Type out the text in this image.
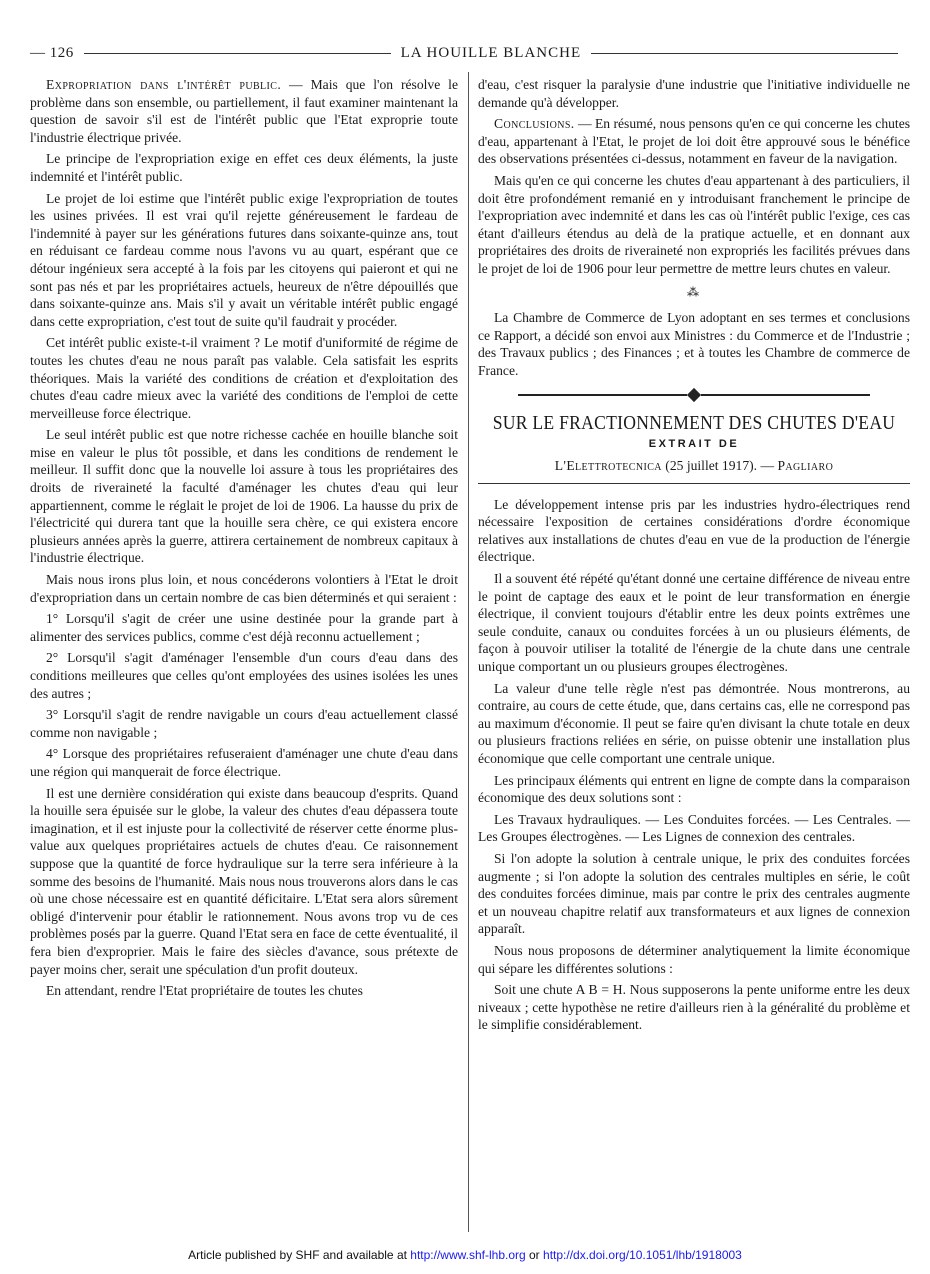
— 126	LA HOUILLE BLANCHE

Expropriation dans l'intérêt public. — Mais que l'on résolve le problème dans son ensemble, ou partiellement, il faut examiner maintenant la question de savoir s'il est de l'intérêt public que l'Etat exproprie toute l'industrie électrique privée.

Le principe de l'expropriation exige en effet ces deux éléments, la juste indemnité et l'intérêt public.

Le projet de loi estime que l'intérêt public exige l'expropriation de toutes les usines privées. Il est vrai qu'il rejette généreusement le fardeau de l'indemnité à payer sur les générations futures dans soixante-quinze ans, tout en réduisant ce fardeau comme nous l'avons vu au quart, espérant que ce détour ingénieux sera accepté à la fois par les citoyens qui paieront et qui ne sont pas nés et par les propriétaires actuels, heureux de n'être dépouillés que dans soixante-quinze ans. Mais s'il y avait un véritable intérêt public engagé dans cette expropriation, c'est tout de suite qu'il faudrait y procéder.

Cet intérêt public existe-t-il vraiment ? Le motif d'uniformité de régime de toutes les chutes d'eau ne nous paraît pas valable. Cela satisfait les esprits théoriques. Mais la variété des conditions de création et d'exploitation des chutes d'eau cadre mieux avec la variété des conditions de l'emploi de cette merveilleuse force électrique.

Le seul intérêt public est que notre richesse cachée en houille blanche soit mise en valeur le plus tôt possible, et dans les conditions de rendement le meilleur. Il suffit donc que la nouvelle loi assure à tous les propriétaires des droits de riveraineté la faculté d'aménager les chutes d'eau qui leur appartiennent, comme le réglait le projet de loi de 1906. La hausse du prix de l'électricité qui durera tant que la houille sera chère, ce qui existera encore plusieurs années après la guerre, attirera certainement de nombreux capitaux à l'industrie électrique.

Mais nous irons plus loin, et nous concéderons volontiers à l'Etat le droit d'expropriation dans un certain nombre de cas bien déterminés et qui seraient :

1° Lorsqu'il s'agit de créer une usine destinée pour la grande part à alimenter des services publics, comme c'est déjà reconnu actuellement ;

2° Lorsqu'il s'agit d'aménager l'ensemble d'un cours d'eau dans des conditions meilleures que celles qu'ont employées des usines isolées les unes des autres ;

3° Lorsqu'il s'agit de rendre navigable un cours d'eau actuellement classé comme non navigable ;

4° Lorsque des propriétaires refuseraient d'aménager une chute d'eau dans une région qui manquerait de force électrique.

Il est une dernière considération qui existe dans beaucoup d'esprits. Quand la houille sera épuisée sur le globe, la valeur des chutes d'eau dépassera toute imagination, et il est injuste pour la collectivité de réserver cette énorme plus-value aux quelques propriétaires actuels de chutes d'eau. Ce raisonnement suppose que la quantité de force hydraulique sur la terre sera inférieure à la somme des besoins de l'humanité. Mais nous nous trouverons alors dans le cas où une chose nécessaire est en quantité déficitaire. L'Etat sera alors sûrement obligé d'intervenir pour établir le rationnement. Nous avons trop vu de ces problèmes posés par la guerre. Quand l'Etat sera en face de cette éventualité, il fera bien d'exproprier. Mais le faire des siècles d'avance, sous prétexte de payer moins cher, serait une spéculation d'un profit douteux.

En attendant, rendre l'Etat propriétaire de toutes les chutes

d'eau, c'est risquer la paralysie d'une industrie que l'initiative individuelle ne demande qu'à développer.

Conclusions. — En résumé, nous pensons qu'en ce qui concerne les chutes d'eau, appartenant à l'Etat, le projet de loi doit être approuvé sous le bénéfice des observations présentées ci-dessus, notamment en faveur de la navigation.

Mais qu'en ce qui concerne les chutes d'eau appartenant à des particuliers, il doit être profondément remanié en y introduisant franchement le principe de l'expropriation avec indemnité et dans les cas où l'intérêt public l'exige, ces cas étant d'ailleurs étendus au delà de la pratique actuelle, et en donnant aux propriétaires des droits de riveraineté non expropriés les facilités prévues dans le projet de loi de 1906 pour leur permettre de mettre leurs chutes en valeur.

⁂

La Chambre de Commerce de Lyon adoptant en ses termes et conclusions ce Rapport, a décidé son envoi aux Ministres : du Commerce et de l'Industrie ; des Travaux publics ; des Finances ; et à toutes les Chambre de commerce de France.

SUR LE FRACTIONNEMENT DES CHUTES D'EAU
EXTRAIT DE
L'Elettrotecnica (25 juillet 1917). — Pagliaro

Le développement intense pris par les industries hydro-électriques rend nécessaire l'exposition de certaines considérations d'ordre économique relatives aux installations de chutes d'eau en vue de la production de l'énergie électrique.

Il a souvent été répété qu'étant donné une certaine différence de niveau entre le point de captage des eaux et le point de leur transformation en énergie électrique, il convient toujours d'établir entre les deux points extrêmes une seule conduite, canaux ou conduites forcées à un ou plusieurs éléments, de façon à pouvoir utiliser la totalité de l'énergie de la chute dans une centrale unique comportant un ou plusieurs groupes électrogènes.

La valeur d'une telle règle n'est pas démontrée. Nous montrerons, au contraire, au cours de cette étude, que, dans certains cas, elle ne correspond pas au maximum d'économie. Il peut se faire qu'en divisant la chute totale en deux ou plusieurs fractions reliées en série, on puisse obtenir une installation plus économique que celle comportant une centrale unique.

Les principaux éléments qui entrent en ligne de compte dans la comparaison économique des deux solutions sont :

Les Travaux hydrauliques. — Les Conduites forcées. — Les Centrales. — Les Groupes électrogènes. — Les Lignes de connexion des centrales.

Si l'on adopte la solution à centrale unique, le prix des conduites forcées augmente ; si l'on adopte la solution des centrales multiples en série, le coût des conduites forcées diminue, mais par contre le prix des centrales augmente et un nouveau chapitre relatif aux transformateurs et aux lignes de connexion apparaît.

Nous nous proposons de déterminer analytiquement la limite économique qui sépare les différentes solutions :

Soit une chute A B = H. Nous supposerons la pente uniforme entre les deux niveaux ; cette hypothèse ne retire d'ailleurs rien à la généralité du problème et le simplifie considérablement.

Article published by SHF and available at http://www.shf-lhb.org or http://dx.doi.org/10.1051/lhb/1918003
